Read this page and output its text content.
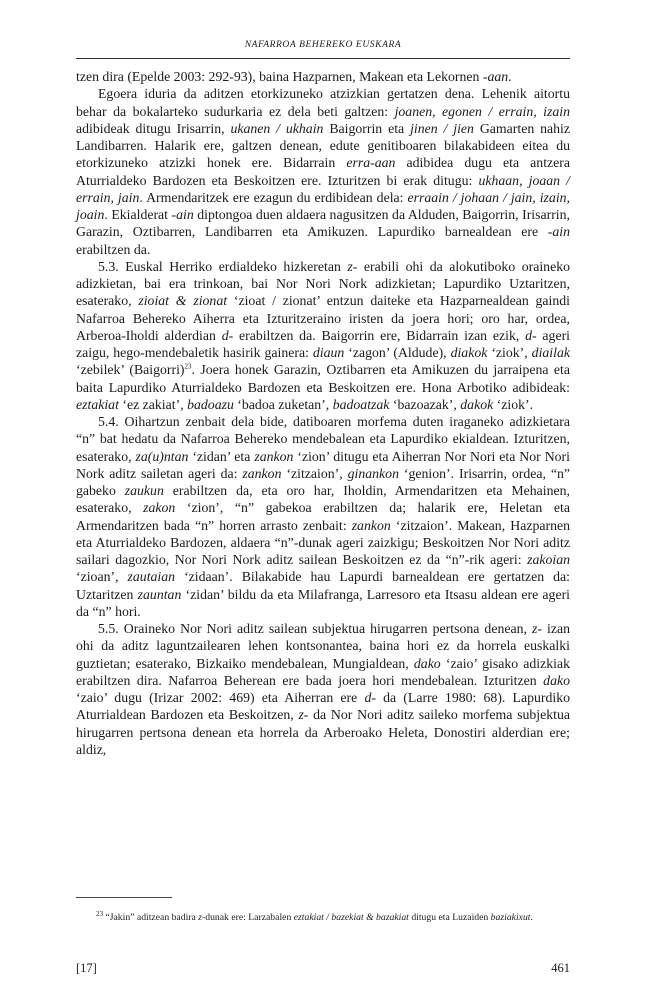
NAFARROA BEHEREKO EUSKARA

tzen dira (Epelde 2003: 292-93), baina Hazparnen, Makean eta Lekornen -aan.

Egoera iduria da aditzen etorkizuneko atzizkian gertatzen dena. Lehenik aitortu behar da bokalarteko sudurkaria ez dela beti galtzen: joanen, egonen / errain, izain adibideak ditugu Irisarrin, ukanen / ukhain Baigorrin eta jinen / jien Gamarten nahiz Landibarren. Halarik ere, galtzen denean, edute genitiboaren bilakabideen eitea du etorkizuneko atzizki honek ere. Bidarrain erra-aan adibidea dugu eta antzera Aturrialdeko Bardozen eta Beskoitzen ere. Izturitzen bi erak ditugu: ukhaan, joaan / errain, jain. Armendaritzek ere ezagun du erdibidean dela: erraain / johaan / jain, izain, joain. Ekialderat -ain diptongoa duen aldaera nagusitzen da Alduden, Baigorrin, Irisarrin, Garazin, Oztibarren, Landibarren eta Amikuzen. Lapurdiko barnealdean ere -ain erabiltzen da.

5.3. Euskal Herriko erdialdeko hizkeretan z- erabili ohi da alokutiboko oraineko adizkietan, bai era trinkoan, bai Nor Nori Nork adizkietan; Lapurdiko Uztaritzen, esaterako, zioiat & zionat ‘zioat / zionat’ entzun daiteke eta Hazparnealdean gaindi Nafarroa Behereko Aiherra eta Izturitzeraino iristen da joera hori; oro har, ordea, Arberoa-Iholdi alderdian d- erabiltzen da. Baigorrin ere, Bidarrain izan ezik, d- ageri zaigu, hego-mendebaletik hasirik gainera: diaun ‘zagon’ (Aldude), diakok ‘ziok’, diailak ‘zebilek’ (Baigorri)$^{23}$. Joera honek Garazin, Oztibarren eta Amikuzen du jarraipena eta baita Lapurdiko Aturrialdeko Bardozen eta Beskoitzen ere. Hona Arbotiko adibideak: eztakiat ‘ez zakiat’, badoazu ‘badoa zuketan’, badoatzak ‘bazoazak’, dakok ‘ziok’.

5.4. Oihartzun zenbait dela bide, datiboaren morfema duten iraganeko adizkietara “n” bat hedatu da Nafarroa Behereko mendebalean eta Lapurdiko ekialdean. Izturitzen, esaterako, za(u)ntan ‘zidan’ eta zankon ‘zion’ ditugu eta Aiherran Nor Nori eta Nor Nori Nork aditz sailetan ageri da: zankon ‘zitzaion’, ginankon ‘genion’. Irisarrin, ordea, “n” gabeko zaukun erabiltzen da, eta oro har, Iholdin, Armendaritzen eta Mehainen, esaterako, zakon ‘zion’, “n” gabekoa erabiltzen da; halarik ere, Heletan eta Armendaritzen bada “n” horren arrasto zenbait: zankon ‘zitzaion’. Makean, Hazparnen eta Aturrialdeko Bardozen, aldaera “n”-dunak ageri zaizkigu; Beskoitzen Nor Nori aditz sailari dagozkio, Nor Nori Nork aditz sailean Beskoitzen ez da “n”-rik ageri: zakoian ‘zioan’, zautaian ‘zidaan’. Bilakabide hau Lapurdi barnealdean ere gertatzen da: Uztaritzen zauntan ‘zidan’ bildu da eta Milafranga, Larresoro eta Itsasu aldean ere ageri da “n” hori.

5.5. Oraineko Nor Nori aditz sailean subjektua hirugarren pertsona denean, z- izan ohi da aditz laguntzailearen lehen kontsonantea, baina hori ez da horrela euskalki guztietan; esaterako, Bizkaiko mendebalean, Mungialdean, dako ‘zaio’ gisako adizkiak erabiltzen dira. Nafarroa Beherean ere bada joera hori mendebalean. Izturitzen dako ‘zaio’ dugu (Irizar 2002: 469) eta Aiherran ere d- da (Larre 1980: 68). Lapurdiko Aturrialdean Bardozen eta Beskoitzen, z- da Nor Nori aditz saileko morfema subjektua hirugarren pertsona denean eta horrela da Arberoako Heleta, Donostiri alderdian ere; aldiz,

$^{23}$ “Jakin” aditzean badira z-dunak ere: Larzabalen eztakiat / bazekiat & bazakiat ditugu eta Luzaiden baziakixut.

[17]	461
